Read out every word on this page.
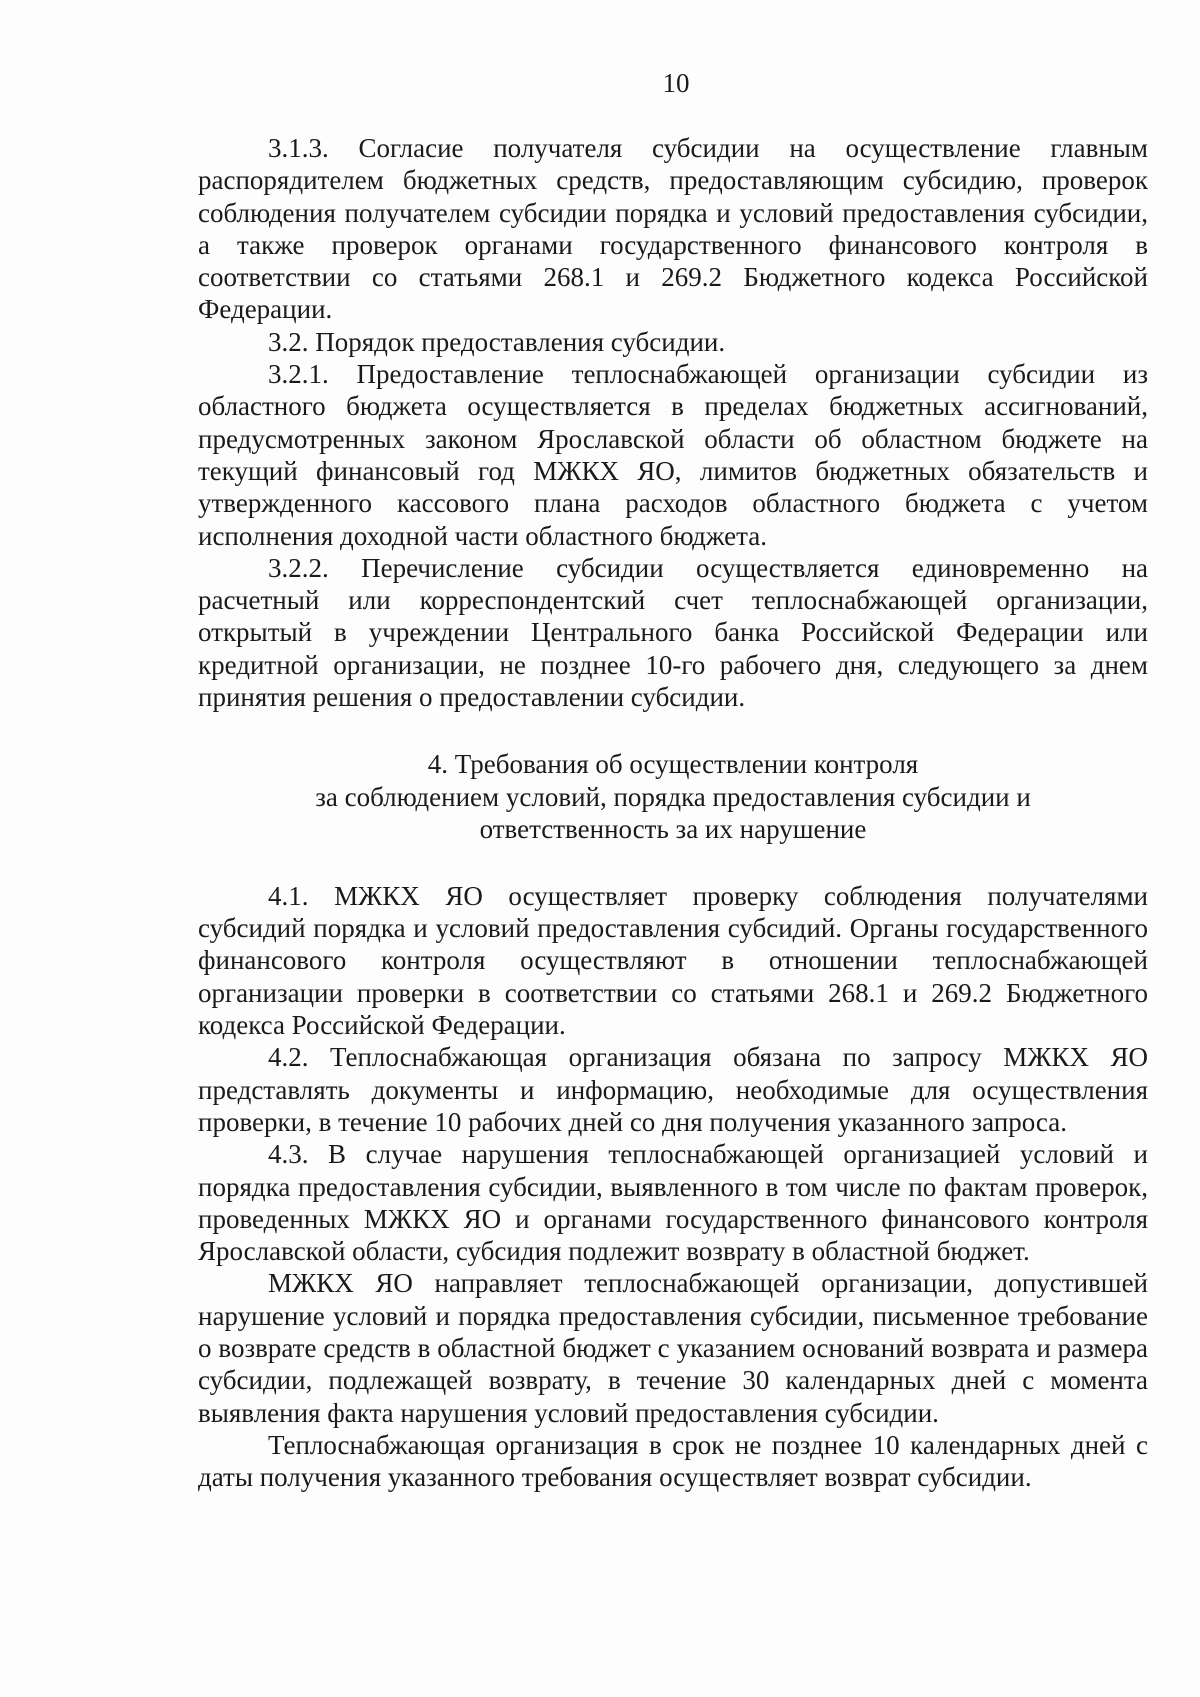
10

3.1.3. Согласие получателя субсидии на осуществление главным распорядителем бюджетных средств, предоставляющим субсидию, проверок соблюдения получателем субсидии порядка и условий предоставления субсидии, а также проверок органами государственного финансового контроля в соответствии со статьями 268.1 и 269.2 Бюджетного кодекса Российской Федерации.

3.2. Порядок предоставления субсидии.

3.2.1. Предоставление теплоснабжающей организации субсидии из областного бюджета осуществляется в пределах бюджетных ассигнований, предусмотренных законом Ярославской области об областном бюджете на текущий финансовый год МЖКХ ЯО, лимитов бюджетных обязательств и утвержденного кассового плана расходов областного бюджета с учетом исполнения доходной части областного бюджета.

3.2.2. Перечисление субсидии осуществляется единовременно на расчетный или корреспондентский счет теплоснабжающей организации, открытый в учреждении Центрального банка Российской Федерации или кредитной организации, не позднее 10-го рабочего дня, следующего за днем принятия решения о предоставлении субсидии.

4. Требования об осуществлении контроля
за соблюдением условий, порядка предоставления субсидии и
ответственность за их нарушение

4.1. МЖКХ ЯО осуществляет проверку соблюдения получателями субсидий порядка и условий предоставления субсидий. Органы государственного финансового контроля осуществляют в отношении теплоснабжающей организации проверки в соответствии со статьями 268.1 и 269.2 Бюджетного кодекса Российской Федерации.

4.2. Теплоснабжающая организация обязана по запросу МЖКХ ЯО представлять документы и информацию, необходимые для осуществления проверки, в течение 10 рабочих дней со дня получения указанного запроса.

4.3. В случае нарушения теплоснабжающей организацией условий и порядка предоставления субсидии, выявленного в том числе по фактам проверок, проведенных МЖКХ ЯО и органами государственного финансового контроля Ярославской области, субсидия подлежит возврату в областной бюджет.

МЖКХ ЯО направляет теплоснабжающей организации, допустившей нарушение условий и порядка предоставления субсидии, письменное требование о возврате средств в областной бюджет с указанием оснований возврата и размера субсидии, подлежащей возврату, в течение 30 календарных дней с момента выявления факта нарушения условий предоставления субсидии.

Теплоснабжающая организация в срок не позднее 10 календарных дней с даты получения указанного требования осуществляет возврат субсидии.
